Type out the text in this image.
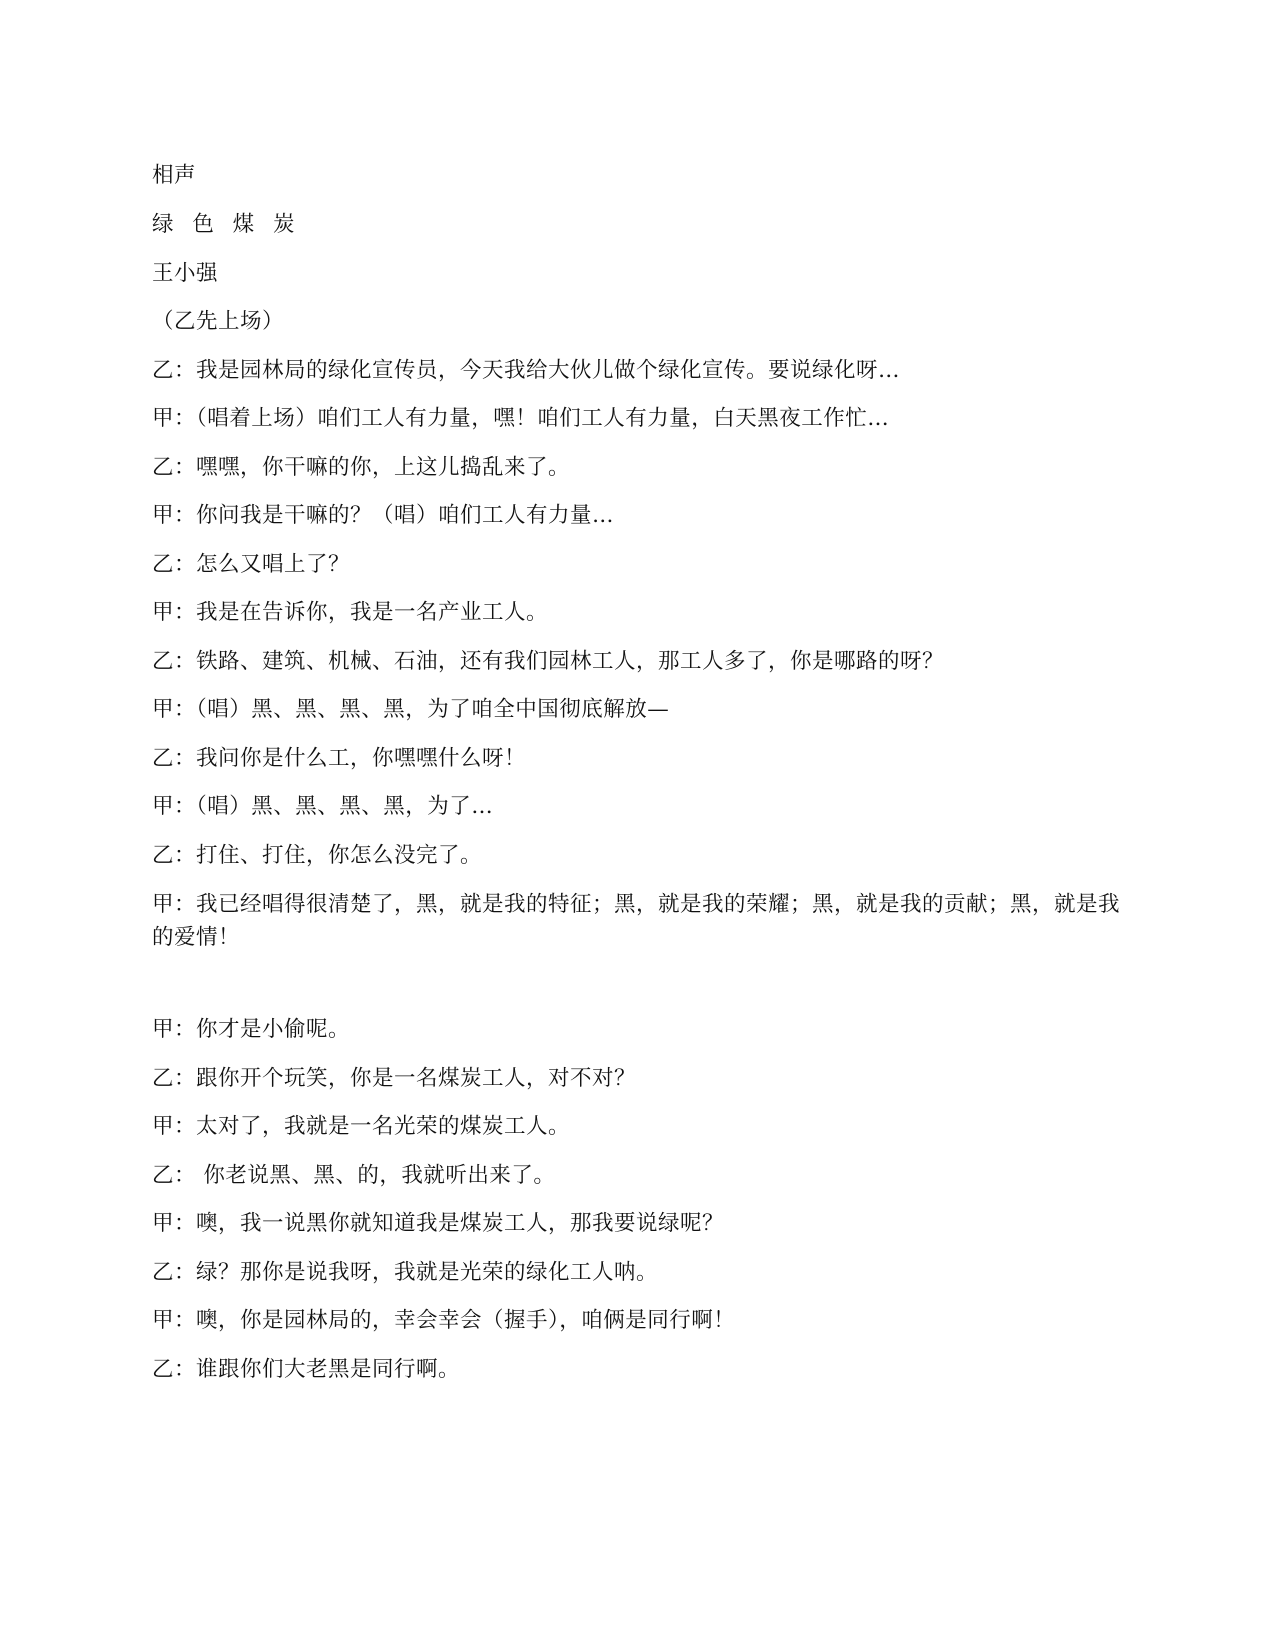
相声
绿 色 煤 炭
王小强
（乙先上场）
乙：我是园林局的绿化宣传员，今天我给大伙儿做个绿化宣传。要说绿化呀…
甲：（唱着上场）咱们工人有力量，嘿！咱们工人有力量，白天黑夜工作忙…
乙：嘿嘿，你干嘛的你，上这儿捣乱来了。
甲：你问我是干嘛的？（唱）咱们工人有力量…
乙：怎么又唱上了？
甲：我是在告诉你，我是一名产业工人。
乙：铁路、建筑、机械、石油，还有我们园林工人，那工人多了，你是哪路的呀？
甲：（唱）黑、黑、黑、黑，为了咱全中国彻底解放—
乙：我问你是什么工，你嘿嘿什么呀！
甲：（唱）黑、黑、黑、黑，为了…
乙：打住、打住，你怎么没完了。
甲：我已经唱得很清楚了，黑，就是我的特征；黑，就是我的荣耀；黑，就是我的贡献；黑，就是我的爱情！
甲：你才是小偷呢。
乙：跟你开个玩笑，你是一名煤炭工人，对不对？
甲：太对了，我就是一名光荣的煤炭工人。
乙： 你老说黑、黑、的，我就听出来了。
甲：噢，我一说黑你就知道我是煤炭工人，那我要说绿呢？
乙：绿？那你是说我呀，我就是光荣的绿化工人呐。
甲：噢，你是园林局的，幸会幸会（握手），咱俩是同行啊！
乙：谁跟你们大老黑是同行啊。
